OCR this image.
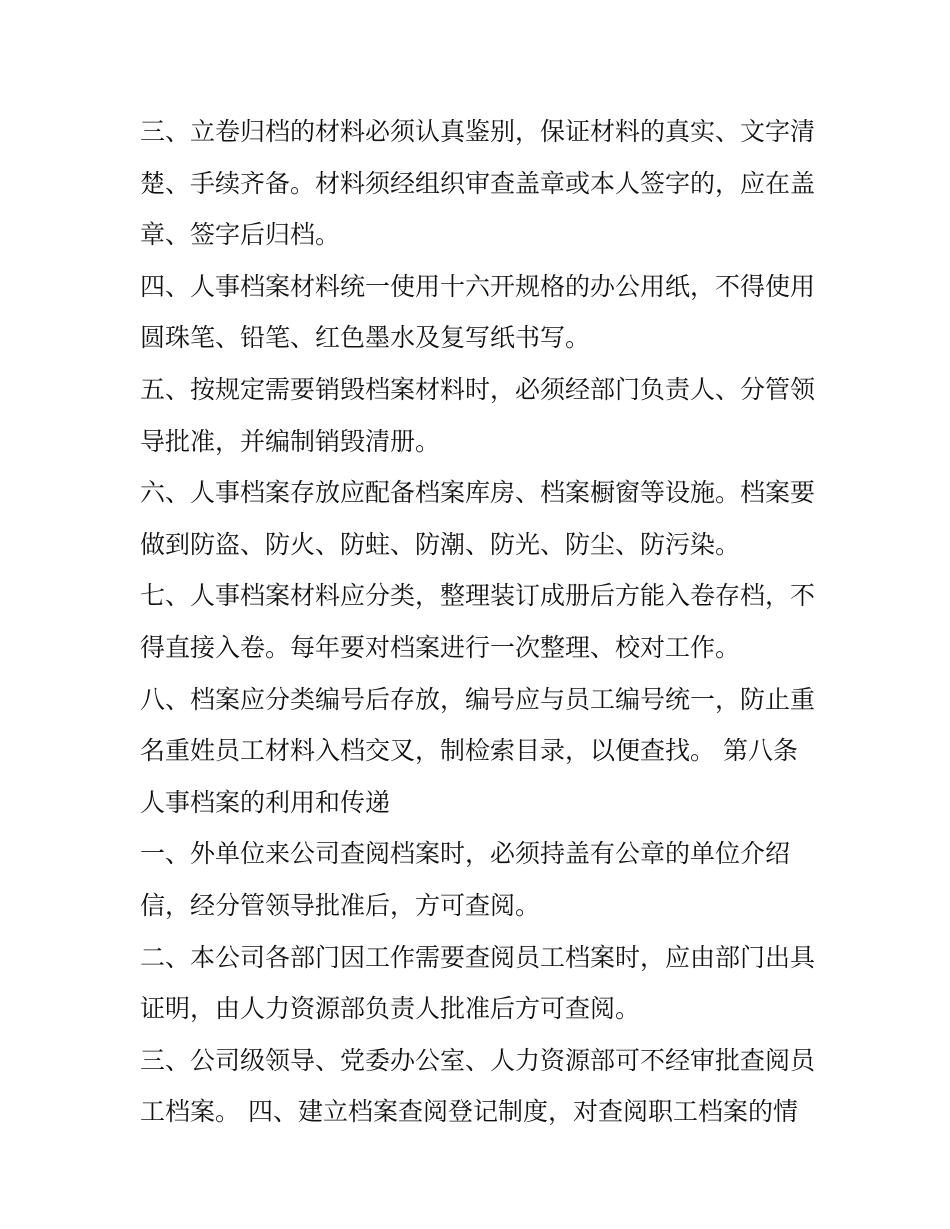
三、立卷归档的材料必须认真鉴别，保证材料的真实、文字清
楚、手续齐备。材料须经组织审查盖章或本人签字的，应在盖
章、签字后归档。
四、人事档案材料统一使用十六开规格的办公用纸，不得使用
圆珠笔、铅笔、红色墨水及复写纸书写。
五、按规定需要销毁档案材料时，必须经部门负责人、分管领
导批准，并编制销毁清册。
六、人事档案存放应配备档案库房、档案橱窗等设施。档案要
做到防盗、防火、防蛀、防潮、防光、防尘、防污染。
七、人事档案材料应分类，整理装订成册后方能入卷存档，不
得直接入卷。每年要对档案进行一次整理、校对工作。
八、档案应分类编号后存放，编号应与员工编号统一，防止重
名重姓员工材料入档交叉，制检索目录，以便查找。 第八条
人事档案的利用和传递
一、外单位来公司查阅档案时，必须持盖有公章的单位介绍
信，经分管领导批准后，方可查阅。
二、本公司各部门因工作需要查阅员工档案时，应由部门出具
证明，由人力资源部负责人批准后方可查阅。
三、公司级领导、党委办公室、人力资源部可不经审批查阅员
工档案。 四、建立档案查阅登记制度，对查阅职工档案的情
